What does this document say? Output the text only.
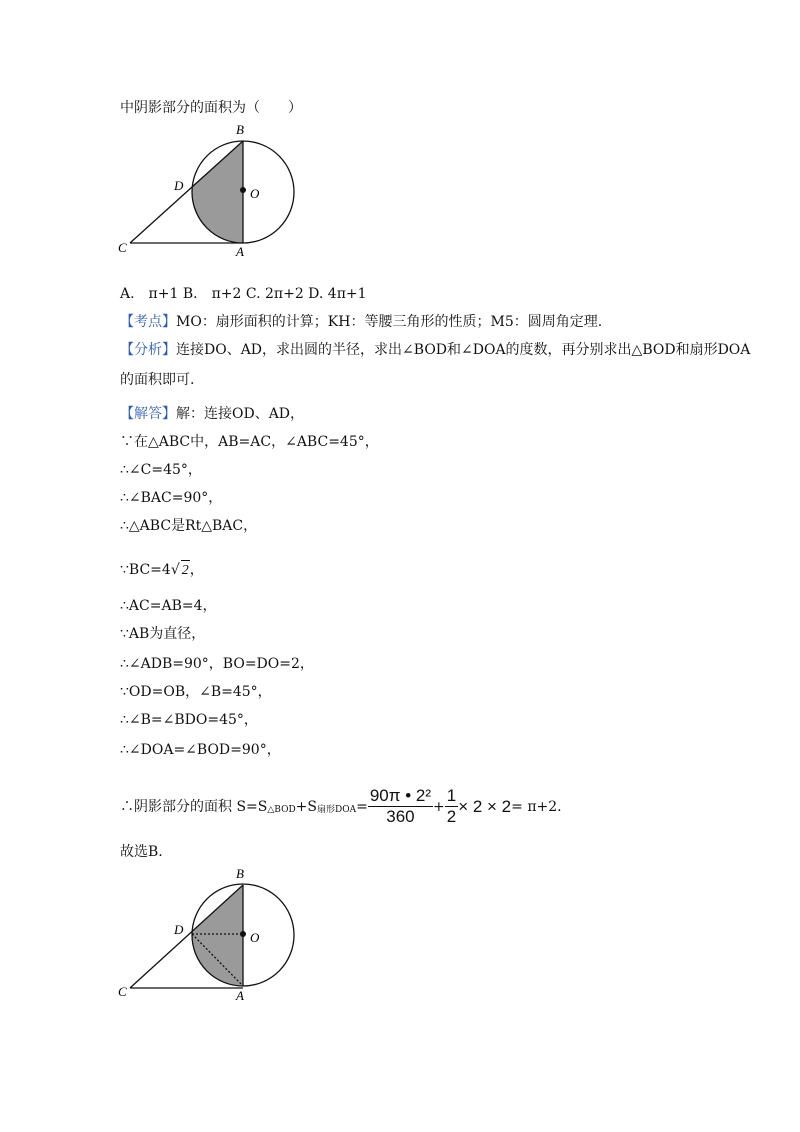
中阴影部分的面积为（　　）
B
O
D
C	A
A.　π+1 B.　π+2 C. 2π+2 D. 4π+1
【考点】MO：扇形面积的计算；KH：等腰三角形的性质；M5：圆周角定理.
【分析】连接DO、AD，求出圆的半径，求出∠BOD和∠DOA的度数，再分别求出△BOD和扇形DOA
的面积即可.
【解答】解：连接OD、AD，
∵在△ABC中，AB=AC，∠ABC=45°，
∴∠C=45°，
∴∠BAC=90°，
∴△ABC是Rt△BAC，
∵BC=4√ 2，
∴AC=AB=4，
∵AB为直径，
∴∠ADB=90°，BO=DO=2，
∵OD=OB，∠B=45°，
∴∠B=∠BDO=45°，
∴∠DOA=∠BOD=90°，
∴阴影部分的面积 S=S △BOD +S 扇形DOA = $\frac{\text{90π • 2²}}{360} + \frac{1}{2} \times 2 \times 2 = \pi+2$.
故选B.
B
O
D
C	A
